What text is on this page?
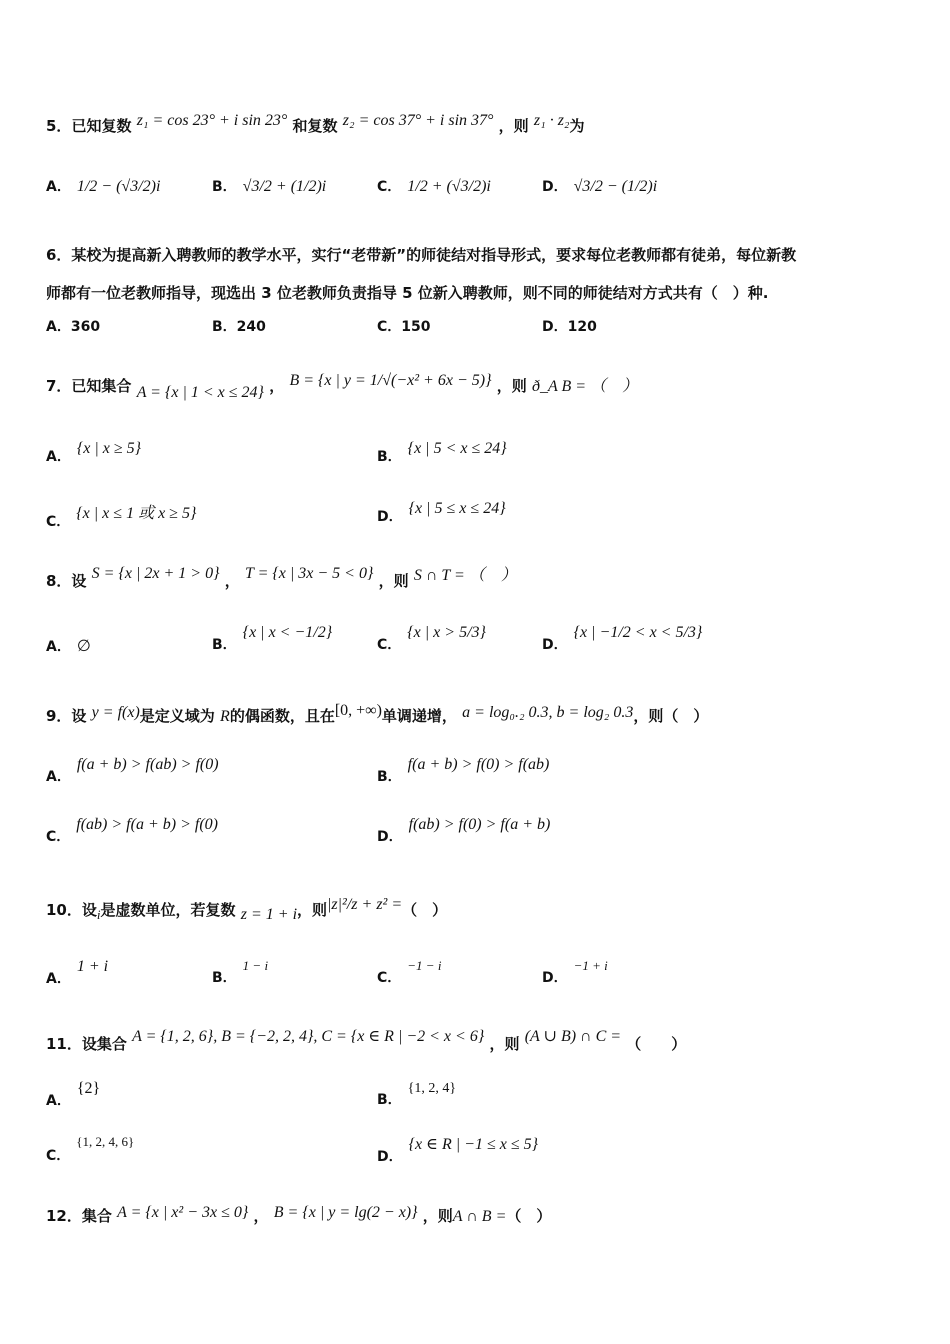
5．已知复数 z₁ = cos 23° + i sin 23° 和复数 z₂ = cos 37° + i sin 37° ，则 z₁ · z₂为
A． 1/2 − (√3/2)i	B． √3/2 + (1/2)i	C． 1/2 + (√3/2)i	D． √3/2 − (1/2)i
6．某校为提高新入聘教师的教学水平，实行“老带新”的师徒结对指导形式，要求每位老教师都有徒弟，每位新教
师都有一位老教师指导，现选出 3 位老教师负责指导 5 位新入聘教师，则不同的师徒结对方式共有（　）种.
A．360	B．240	C．150	D．120
7．已知集合 A = {x | 1 < x ≤ 24} ， B = {x | y = 1/√(−x² + 6x − 5)} ，则 ð_A B = （　）
A． {x | x ≥ 5}	B． {x | 5 < x ≤ 24}
C． {x | x ≤ 1 或 x ≥ 5}	D． {x | 5 ≤ x ≤ 24}
8．设 S = {x | 2x + 1 > 0} ， T = {x | 3x − 5 < 0} ，则 S ∩ T = （　）
A． ∅	B．{x | x < −1/2}
C．{x | x > 5/3}
D．{x | −1/2 < x < 5/3}
9．设 y = f(x)是定义域为 R的偶函数，且在[0, +∞)单调递增， a = log₀.₂ 0.3, b = log₂ 0.3，则（　）
A．f(a + b) > f(ab) > f(0)
B．f(a + b) > f(0) > f(ab)
C．f(ab) > f(a + b) > f(0)
D．f(ab) > f(0) > f(a + b)
10．设i是虚数单位，若复数 z = 1 + i，则|z|²/z + z² =（　）
A．1 + i
B．1 − i
C．−1 − i
D．−1 + i
11．设集合 A = {1, 2, 6}, B = {−2, 2, 4}, C = {x ∈ R | −2 < x < 6} ，则 (A ∪ B) ∩ C = （　　）
A．{2}
B．{1, 2, 4}
C．{1, 2, 4, 6}
D．{x ∈ R | −1 ≤ x ≤ 5}
12．集合 A = {x | x² − 3x ≤ 0} ， B = {x | y = lg(2 − x)} ，则A ∩ B =（　）
